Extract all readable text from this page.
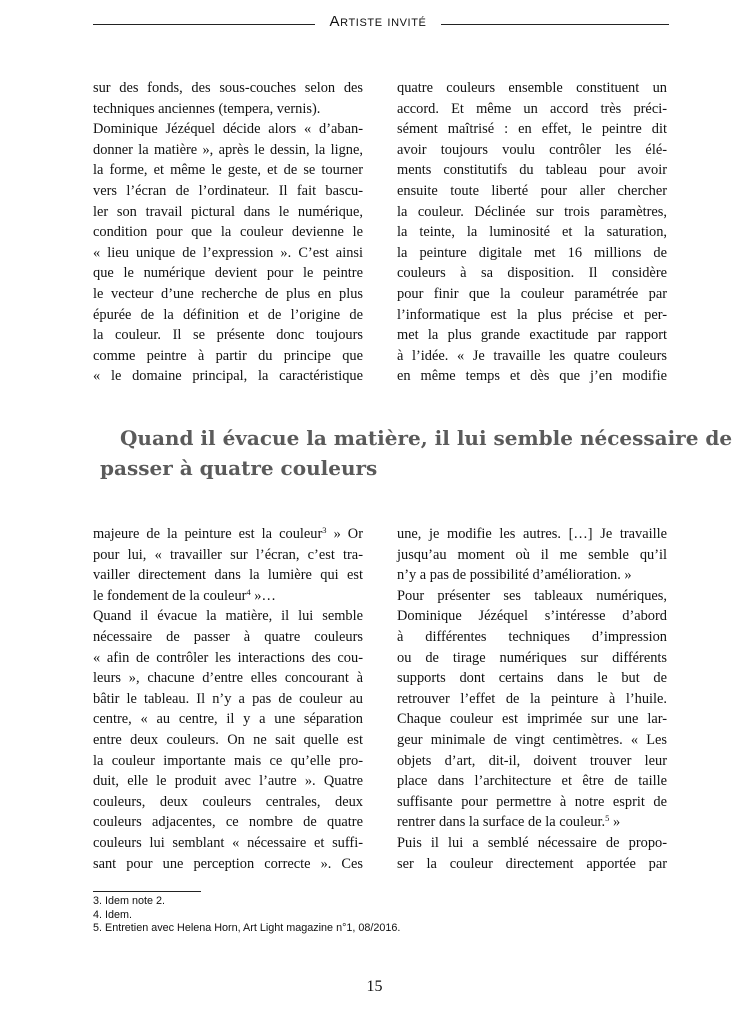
Artiste invité

sur des fonds, des sous-couches selon des
techniques anciennes (tempera, vernis).

Dominique Jézéquel décide alors « d’aban-
donner la matière », après le dessin, la ligne,
la forme, et même le geste, et de se tourner
vers l’écran de l’ordinateur. Il fait bascu-
ler son travail pictural dans le numérique,
condition pour que la couleur devienne le
« lieu unique de l’expression ». C’est ainsi
que le numérique devient pour le peintre
le vecteur d’une recherche de plus en plus
épurée de la définition et de l’origine de
la couleur. Il se présente donc toujours
comme peintre à partir du principe que
« le domaine principal, la caractéristique

quatre couleurs ensemble constituent un
accord. Et même un accord très préci-
sément maîtrisé : en effet, le peintre dit
avoir toujours voulu contrôler les élé-
ments constitutifs du tableau pour avoir
ensuite toute liberté pour aller chercher
la couleur. Déclinée sur trois paramètres,
la teinte, la luminosité et la saturation,
la peinture digitale met 16 millions de
couleurs à sa disposition. Il considère
pour finir que la couleur paramétrée par
l’informatique est la plus précise et per-
met la plus grande exactitude par rapport
à l’idée. « Je travaille les quatre couleurs
en même temps et dès que j’en modifie

Quand il évacue la matière, il lui semble nécessaire de
passer à quatre couleurs

majeure de la peinture est la couleur$^3$ » Or
pour lui, « travailler sur l’écran, c’est tra-
vailler directement dans la lumière qui est
le fondement de la couleur$^4$ »…

Quand il évacue la matière, il lui semble
nécessaire de passer à quatre couleurs
« afin de contrôler les interactions des cou-
leurs », chacune d’entre elles concourant à
bâtir le tableau. Il n’y a pas de couleur au
centre, « au centre, il y a une séparation
entre deux couleurs. On ne sait quelle est
la couleur importante mais ce qu’elle pro-
duit, elle le produit avec l’autre ». Quatre
couleurs, deux couleurs centrales, deux
couleurs adjacentes, ce nombre de quatre
couleurs lui semblant « nécessaire et suffi-
sant pour une perception correcte ». Ces

une, je modifie les autres. […] Je travaille
jusqu’au moment où il me semble qu’il
n’y a pas de possibilité d’amélioration. »

Pour présenter ses tableaux numériques,
Dominique Jézéquel s’intéresse d’abord
à différentes techniques d’impression
ou de tirage numériques sur différents
supports dont certains dans le but de
retrouver l’effet de la peinture à l’huile.
Chaque couleur est imprimée sur une lar-
geur minimale de vingt centimètres. « Les
objets d’art, dit-il, doivent trouver leur
place dans l’architecture et être de taille
suffisante pour permettre à notre esprit de
rentrer dans la surface de la couleur.$^5$ »

Puis il lui a semblé nécessaire de propo-
ser la couleur directement apportée par

3. Idem note 2.
4. Idem.
5. Entretien avec Helena Horn, Art Light magazine n°1, 08/2016.
15
